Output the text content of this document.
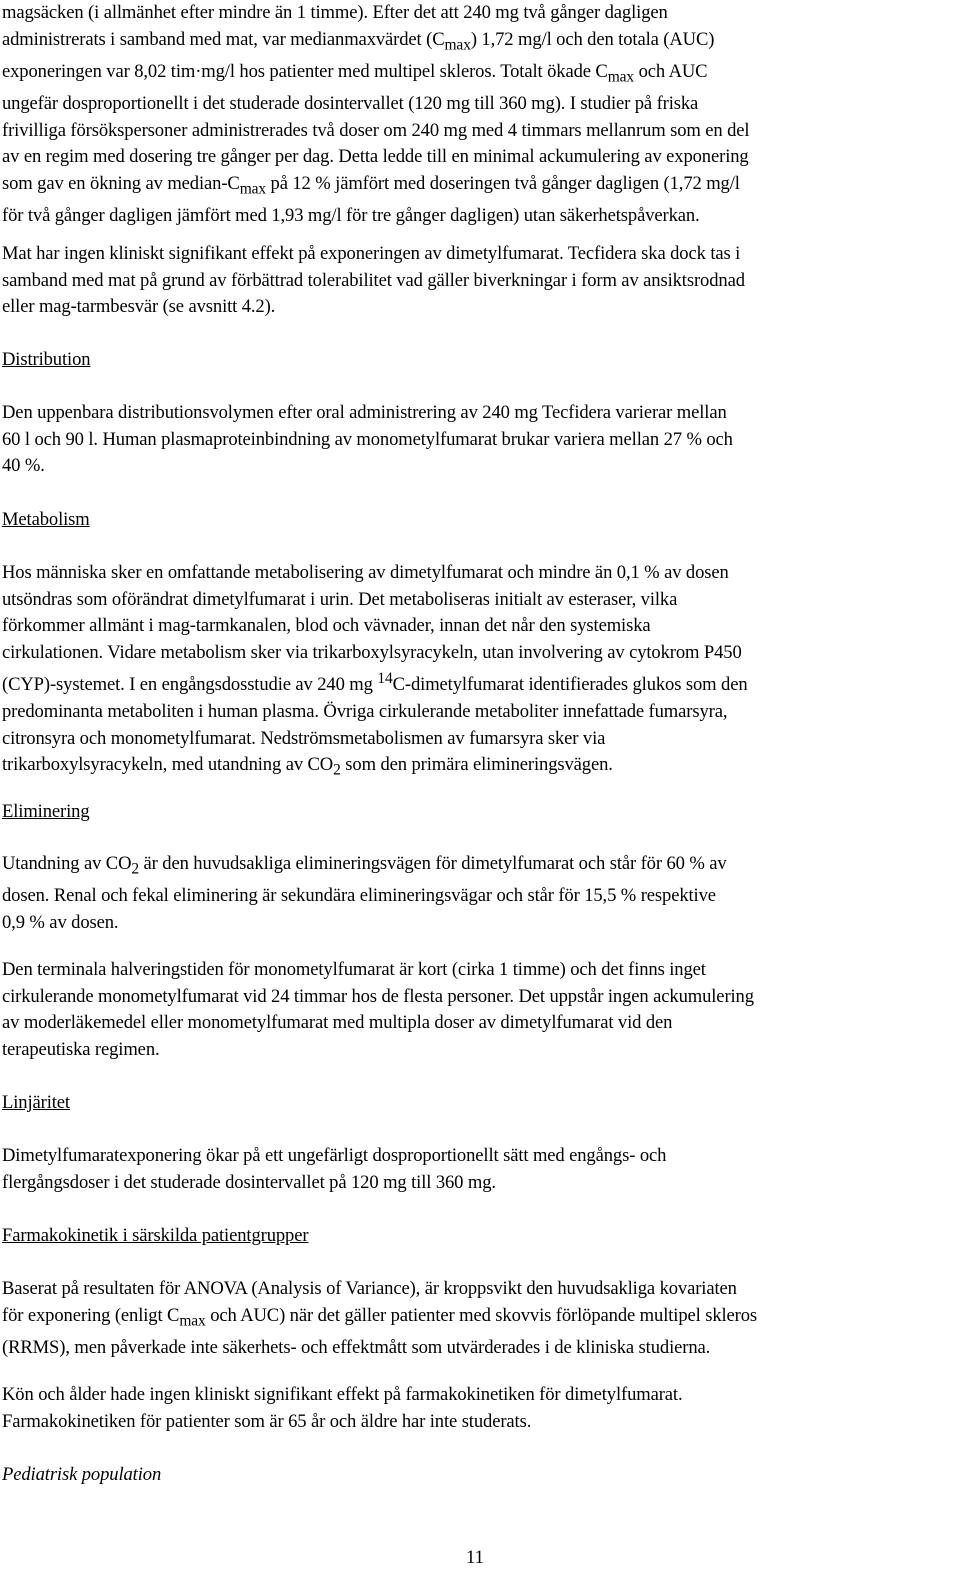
magsäcken (i allmänhet efter mindre än 1 timme). Efter det att 240 mg två gånger dagligen

administrerats i samband med mat, var medianmaxvärdet $(C_{max})$ 1,72 mg/l och den totala (AUC)

exponeringen var 8,02 tim·mg/l hos patienter med multipel skleros. Totalt ökade $C_{max}$ och AUC

ungefär dosproportionellt i det studerade dosintervallet (120 mg till 360 mg). I studier på friska

frivilliga försökspersoner administrerades två doser om 240 mg med 4 timmars mellanrum som en del

av en regim med dosering tre gånger per dag. Detta ledde till en minimal ackumulering av exponering

som gav en ökning av median-$C_{max}$ på 12 % jämfört med doseringen två gånger dagligen (1,72 mg/l

för två gånger dagligen jämfört med 1,93 mg/l för tre gånger dagligen) utan säkerhetspåverkan.

Mat har ingen kliniskt signifikant effekt på exponeringen av dimetylfumarat. Tecfidera ska dock tas i

samband med mat på grund av förbättrad tolerabilitet vad gäller biverkningar i form av ansiktsrodnad

eller mag-tarmbesvär (se avsnitt 4.2).

Distribution

Den uppenbara distributionsvolymen efter oral administrering av 240 mg Tecfidera varierar mellan

60 l och 90 l. Human plasmaproteinbindning av monometylfumarat brukar variera mellan 27 % och

40 %.

Metabolism

Hos människa sker en omfattande metabolisering av dimetylfumarat och mindre än 0,1 % av dosen

utsöndras som oförändrat dimetylfumarat i urin. Det metaboliseras initialt av esteraser, vilka

förkommer allmänt i mag-tarmkanalen, blod och vävnader, innan det når den systemiska

cirkulationen. Vidare metabolism sker via trikarboxylsyracykeln, utan involvering av cytokrom P450

(CYP)-systemet. I en engångsdosstudie av 240 mg $^{14}$C-dimetylfumarat identifierades glukos som den

predominanta metaboliten i human plasma. Övriga cirkulerande metaboliter innefattade fumarsyra,

citronsyra och monometylfumarat. Nedströmsmetabolismen av fumarsyra sker via

trikarboxylsyracykeln, med utandning av $CO_2$ som den primära elimineringsvägen.

Eliminering

Utandning av $CO_2$ är den huvudsakliga elimineringsvägen för dimetylfumarat och står för 60 % av

dosen. Renal och fekal eliminering är sekundära elimineringsvägar och står för 15,5 % respektive

0,9 % av dosen.

Den terminala halveringstiden för monometylfumarat är kort (cirka 1 timme) och det finns inget

cirkulerande monometylfumarat vid 24 timmar hos de flesta personer. Det uppstår ingen ackumulering

av moderläkemedel eller monometylfumarat med multipla doser av dimetylfumarat vid den

terapeutiska regimen.

Linjäritet

Dimetylfumaratexponering ökar på ett ungefärligt dosproportionellt sätt med engångs- och

flergångsdoser i det studerade dosintervallet på 120 mg till 360 mg.

Farmakokinetik i särskilda patientgrupper

Baserat på resultaten för ANOVA (Analysis of Variance), är kroppsvikt den huvudsakliga kovariaten

för exponering (enligt $C_{max}$ och AUC) när det gäller patienter med skovvis förlöpande multipel skleros

(RRMS), men påverkade inte säkerhets- och effektmått som utvärderades i de kliniska studierna.

Kön och ålder hade ingen kliniskt signifikant effekt på farmakokinetiken för dimetylfumarat.

Farmakokinetiken för patienter som är 65 år och äldre har inte studerats.

Pediatrisk population

11
